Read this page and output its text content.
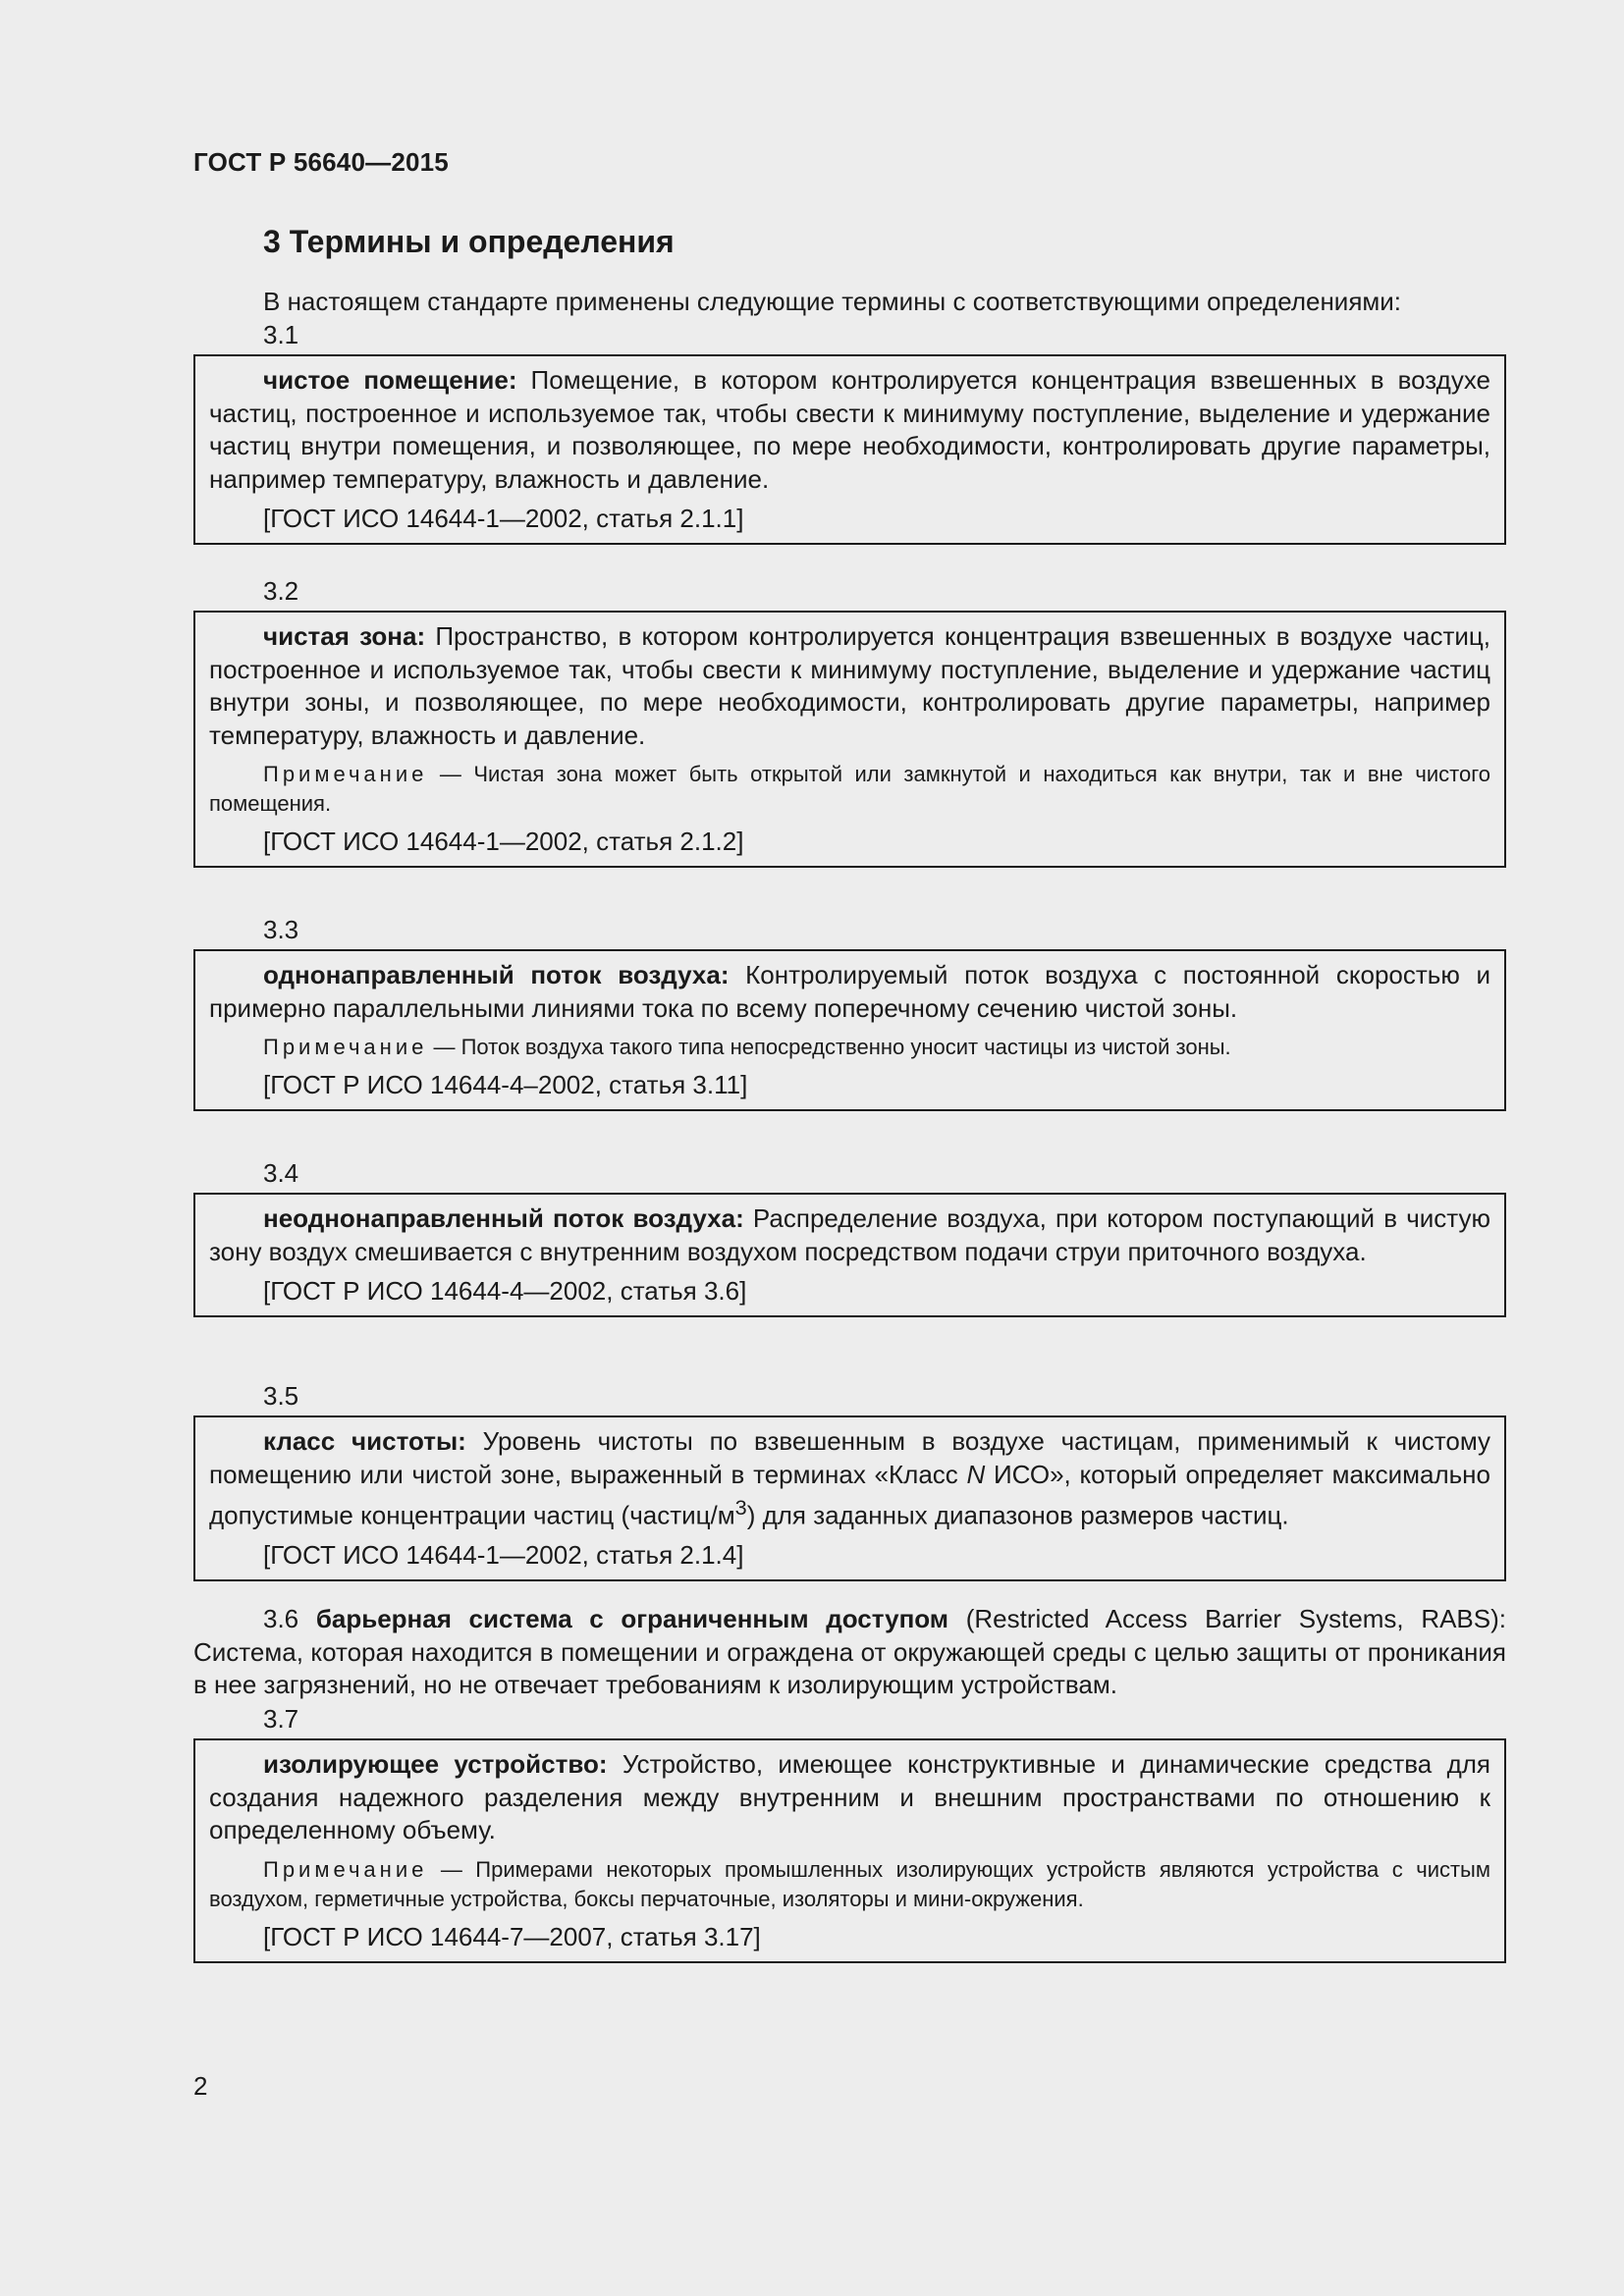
ГОСТ Р 56640—2015
3 Термины и определения
В настоящем стандарте применены следующие термины с соответствующими определениями:
3.1

чистое помещение: Помещение, в котором контролируется концентрация взвешенных в воздухе частиц, построенное и используемое так, чтобы свести к минимуму поступление, выделение и удержание частиц внутри помещения, и позволяющее, по мере необходимости, контролировать другие параметры, например температуру, влажность и давление.

[ГОСТ ИСО 14644-1—2002, статья 2.1.1]

3.2

чистая зона: Пространство, в котором контролируется концентрация взвешенных в воздухе частиц, построенное и используемое так, чтобы свести к минимуму поступление, выделение и удержание частиц внутри зоны, и позволяющее, по мере необходимости, контролировать другие параметры, например температуру, влажность и давление.

Примечание — Чистая зона может быть открытой или замкнутой и находиться как внутри, так и вне чистого помещения.

[ГОСТ ИСО 14644-1—2002, статья 2.1.2]

3.3

однонаправленный поток воздуха: Контролируемый поток воздуха с постоянной скоростью и примерно параллельными линиями тока по всему поперечному сечению чистой зоны.

Примечание — Поток воздуха такого типа непосредственно уносит частицы из чистой зоны.

[ГОСТ Р ИСО 14644-4–2002, статья 3.11]

3.4

неоднонаправленный поток воздуха: Распределение воздуха, при котором поступающий в чистую зону воздух смешивается с внутренним воздухом посредством подачи струи приточного воздуха.

[ГОСТ Р ИСО 14644-4—2002, статья 3.6]

3.5

класс чистоты: Уровень чистоты по взвешенным в воздухе частицам, применимый к чистому помещению или чистой зоне, выраженный в терминах «Класс N ИСО», который определяет максимально допустимые концентрации частиц $(частиц/м^3)$ для заданных диапазонов размеров частиц.

[ГОСТ ИСО 14644-1—2002, статья 2.1.4]

3.6 барьерная система с ограниченным доступом (Restricted Access Barrier Systems, RABS): Система, которая находится в помещении и ограждена от окружающей среды с целью защиты от проникания в нее загрязнений, но не отвечает требованиям к изолирующим устройствам.

3.7

изолирующее устройство: Устройство, имеющее конструктивные и динамические средства для создания надежного разделения между внутренним и внешним пространствами по отношению к определенному объему.

Примечание — Примерами некоторых промышленных изолирующих устройств являются устройства с чистым воздухом, герметичные устройства, боксы перчаточные, изоляторы и мини-окружения.

[ГОСТ Р ИСО 14644-7—2007, статья 3.17]

2
